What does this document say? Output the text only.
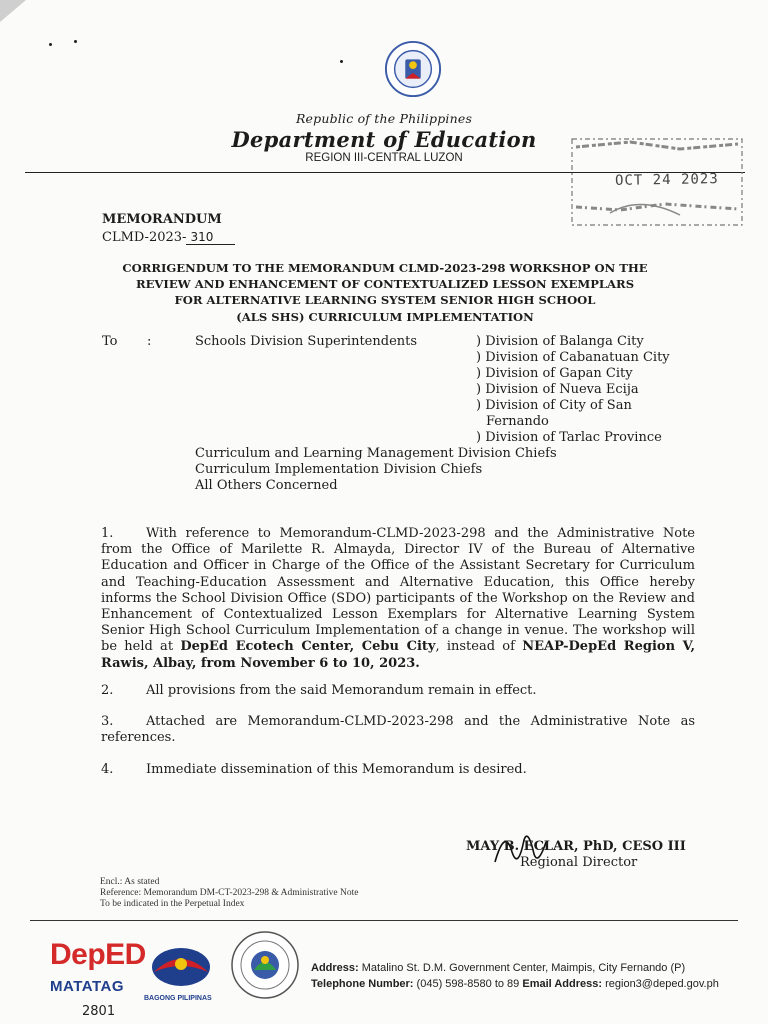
Republic of the Philippines
Department of Education
REGION III-CENTRAL LUZON
OCT 24 2023
MEMORANDUM
CLMD-2023- 310
CORRIGENDUM TO THE MEMORANDUM CLMD-2023-298 WORKSHOP ON THE
REVIEW AND ENHANCEMENT OF CONTEXTUALIZED LESSON EXEMPLARS
FOR ALTERNATIVE LEARNING SYSTEM SENIOR HIGH SCHOOL
(ALS SHS) CURRICULUM IMPLEMENTATION
To :	Schools Division Superintendents	) Division of Balanga City
) Division of Cabanatuan City
) Division of Gapan City
) Division of Nueva Ecija
) Division of City of San
Fernando
) Division of Tarlac Province
Curriculum and Learning Management Division Chiefs
Curriculum Implementation Division Chiefs
All Others Concerned
1.	With reference to Memorandum-CLMD-2023-298 and the Administrative Note from the Office of Marilette R. Almayda, Director IV of the Bureau of Alternative Education and Officer in Charge of the Office of the Assistant Secretary for Curriculum and Teaching-Education Assessment and Alternative Education, this Office hereby informs the School Division Office (SDO) participants of the Workshop on the Review and Enhancement of Contextualized Lesson Exemplars for Alternative Learning System Senior High School Curriculum Implementation of a change in venue. The workshop will be held at DepEd Ecotech Center, Cebu City, instead of NEAP-DepEd Region V, Rawis, Albay, from November 6 to 10, 2023.
2.	All provisions from the said Memorandum remain in effect.
3.	Attached are Memorandum-CLMD-2023-298 and the Administrative Note as references.
4.	Immediate dissemination of this Memorandum is desired.
MAY B. ECLAR, PhD, CESO III
Regional Director
Encl.: As stated
Reference: Memorandum DM-CT-2023-298 & Administrative Note
To be indicated in the Perpetual Index
DepED
MATATAG
2801
BAGONG PILIPINAS
Address: Matalino St. D.M. Government Center, Maimpis, City Fernando (P)
Telephone Number: (045) 598-8580 to 89 Email Address: region3@deped.gov.ph
